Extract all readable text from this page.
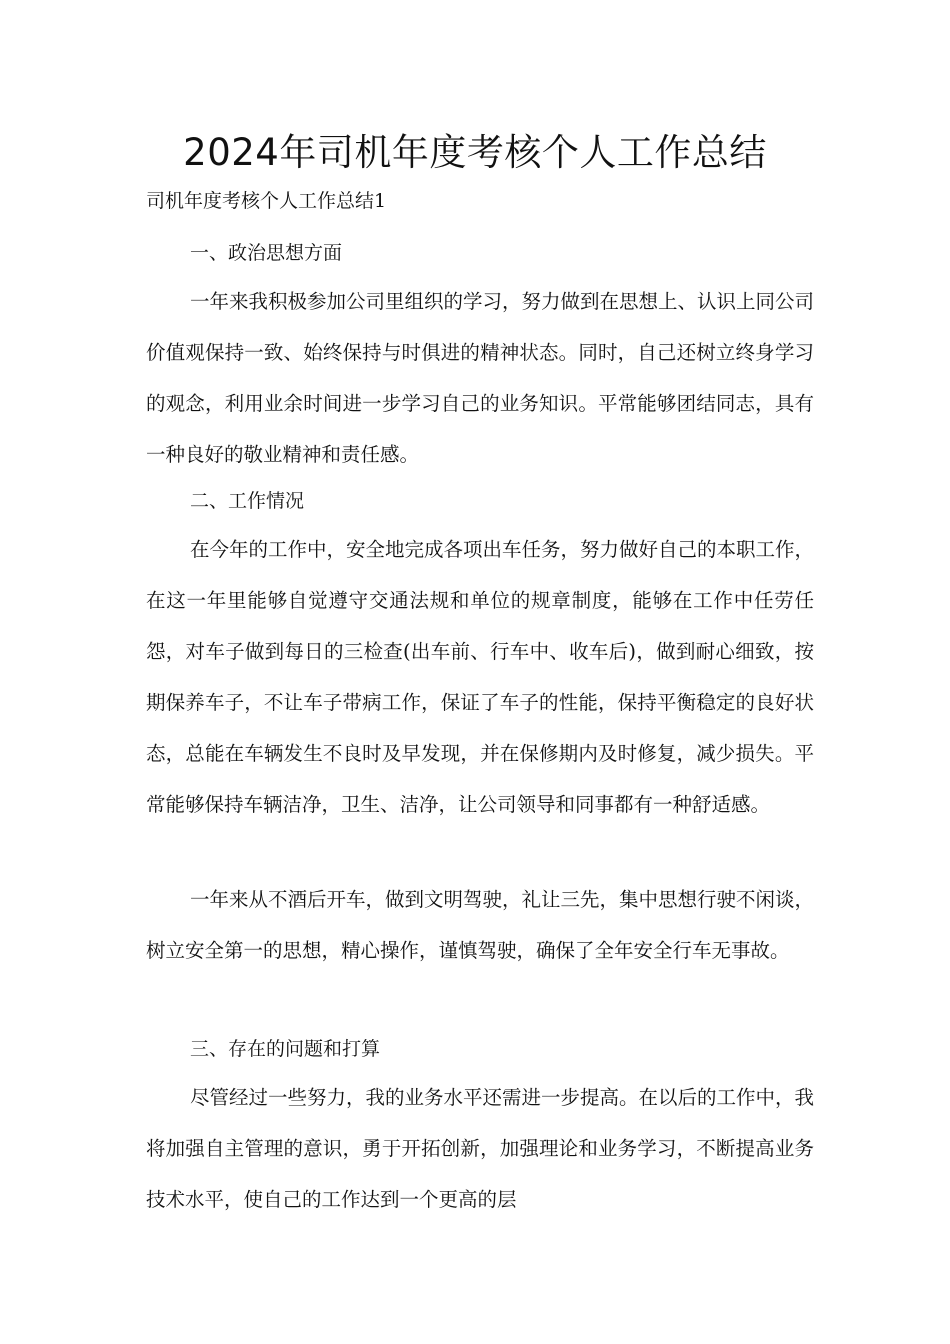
2024年司机年度考核个人工作总结

司机年度考核个人工作总结1

一、政治思想方面

一年来我积极参加公司里组织的学习，努力做到在思想上、认识上同公司价值观保持一致、始终保持与时俱进的精神状态。同时，自己还树立终身学习的观念，利用业余时间进一步学习自己的业务知识。平常能够团结同志，具有一种良好的敬业精神和责任感。

二、工作情况

在今年的工作中，安全地完成各项出车任务，努力做好自己的本职工作，在这一年里能够自觉遵守交通法规和单位的规章制度，能够在工作中任劳任怨，对车子做到每日的三检查(出车前、行车中、收车后)，做到耐心细致，按期保养车子，不让车子带病工作，保证了车子的性能，保持平衡稳定的良好状态，总能在车辆发生不良时及早发现，并在保修期内及时修复，减少损失。平常能够保持车辆洁净，卫生、洁净，让公司领导和同事都有一种舒适感。

一年来从不酒后开车，做到文明驾驶，礼让三先，集中思想行驶不闲谈，树立安全第一的思想，精心操作，谨慎驾驶，确保了全年安全行车无事故。

三、存在的问题和打算

尽管经过一些努力，我的业务水平还需进一步提高。在以后的工作中，我将加强自主管理的意识，勇于开拓创新，加强理论和业务学习，不断提高业务技术水平，使自己的工作达到一个更高的层
